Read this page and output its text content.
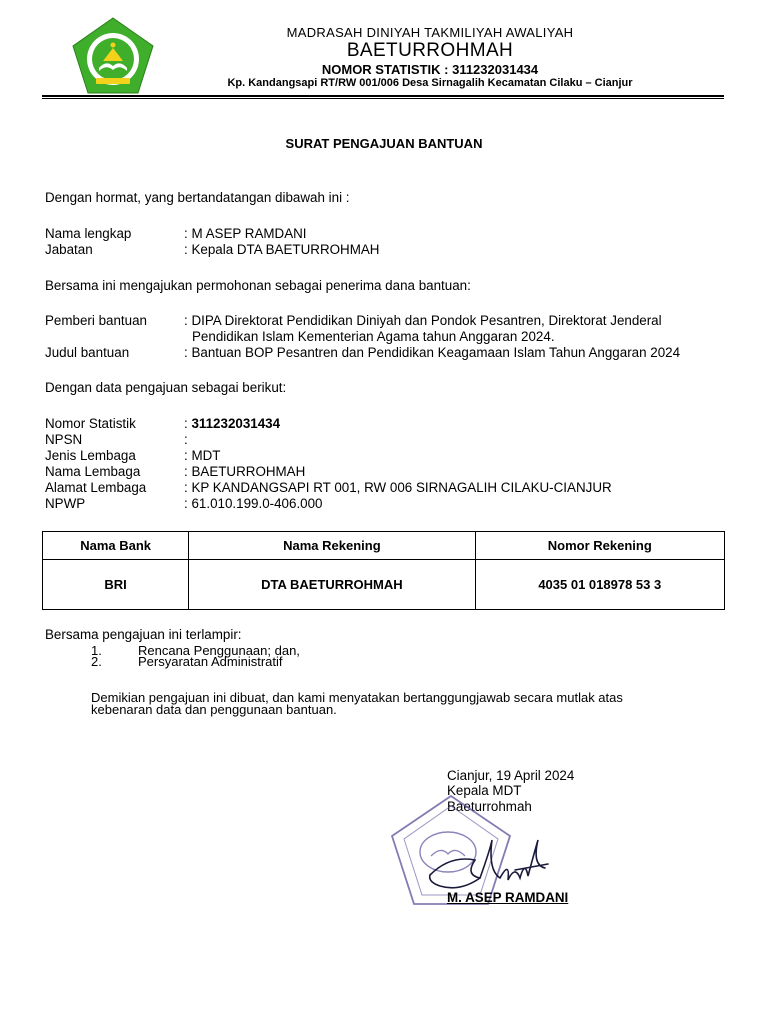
MADRASAH DINIYAH TAKMILIYAH AWALIYAH
BAETURROHMAH
NOMOR STATISTIK : 311232031434
Kp. Kandangsapi RT/RW 001/006 Desa Sirnagalih Kecamatan Cilaku – Cianjur
SURAT PENGAJUAN BANTUAN
Dengan hormat, yang bertandatangan dibawah ini :
Nama lengkap	: M ASEP RAMDANI
Jabatan	: Kepala DTA BAETURROHMAH
Bersama ini mengajukan permohonan sebagai penerima dana bantuan:
Pemberi bantuan	: DIPA Direktorat Pendidikan Diniyah dan Pondok Pesantren, Direktorat Jenderal
Pendidikan Islam Kementerian Agama tahun Anggaran 2024.
Judul bantuan	: Bantuan BOP Pesantren dan Pendidikan Keagamaan Islam Tahun Anggaran 2024
Dengan data pengajuan sebagai berikut:
Nomor Statistik	: 311232031434
NPSN	:
Jenis Lembaga	: MDT
Nama Lembaga	: BAETURROHMAH
Alamat Lembaga	: KP KANDANGSAPI RT 001, RW 006 SIRNAGALIH CILAKU-CIANJUR
NPWP	: 61.010.199.0-406.000
Nama Bank	Nama Rekening	Nomor Rekening
BRI	DTA BAETURROHMAH	4035 01 018978 53 3
Bersama pengajuan ini terlampir:
1.	Rencana Penggunaan; dan,
2.	Persyaratan Administratif
Demikian pengajuan ini dibuat, dan kami menyatakan bertanggungjawab secara mutlak atas
kebenaran data dan penggunaan bantuan.
Cianjur, 19 April 2024
Kepala MDT
Baeturrohmah
M. ASEP RAMDANI
